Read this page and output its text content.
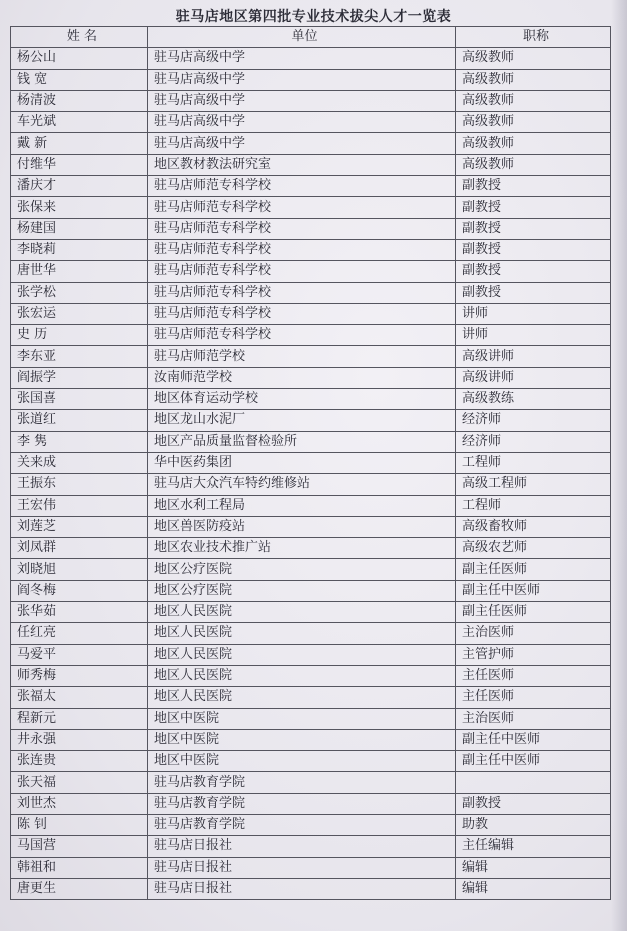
驻马店地区第四批专业技术拔尖人才一览表
姓 名	单位	职称
杨公山	驻马店高级中学	高级教师
钱 宽	驻马店高级中学	高级教师
杨清波	驻马店高级中学	高级教师
车光斌	驻马店高级中学	高级教师
戴 新	驻马店高级中学	高级教师
付维华	地区教材教法研究室	高级教师
潘庆才	驻马店师范专科学校	副教授
张保来	驻马店师范专科学校	副教授
杨建国	驻马店师范专科学校	副教授
李晓莉	驻马店师范专科学校	副教授
唐世华	驻马店师范专科学校	副教授
张学松	驻马店师范专科学校	副教授
张宏运	驻马店师范专科学校	讲师
史 历	驻马店师范专科学校	讲师
李东亚	驻马店师范学校	高级讲师
阎振学	汝南师范学校	高级讲师
张国喜	地区体育运动学校	高级教练
张道红	地区龙山水泥厂	经济师
李 隽	地区产品质量监督检验所	经济师
关来成	华中医药集团	工程师
王振东	驻马店大众汽车特约维修站	高级工程师
王宏伟	地区水利工程局	工程师
刘莲芝	地区兽医防疫站	高级畜牧师
刘凤群	地区农业技术推广站	高级农艺师
刘晓旭	地区公疗医院	副主任医师
阎冬梅	地区公疗医院	副主任中医师
张华茹	地区人民医院	副主任医师
任红亮	地区人民医院	主治医师
马爱平	地区人民医院	主管护师
师秀梅	地区人民医院	主任医师
张福太	地区人民医院	主任医师
程新元	地区中医院	主治医师
井永强	地区中医院	副主任中医师
张连贵	地区中医院	副主任中医师
张天福	驻马店教育学院	
刘世杰	驻马店教育学院	副教授
陈 钊	驻马店教育学院	助教
马国营	驻马店日报社	主任编辑
韩祖和	驻马店日报社	编辑
唐更生	驻马店日报社	编辑
